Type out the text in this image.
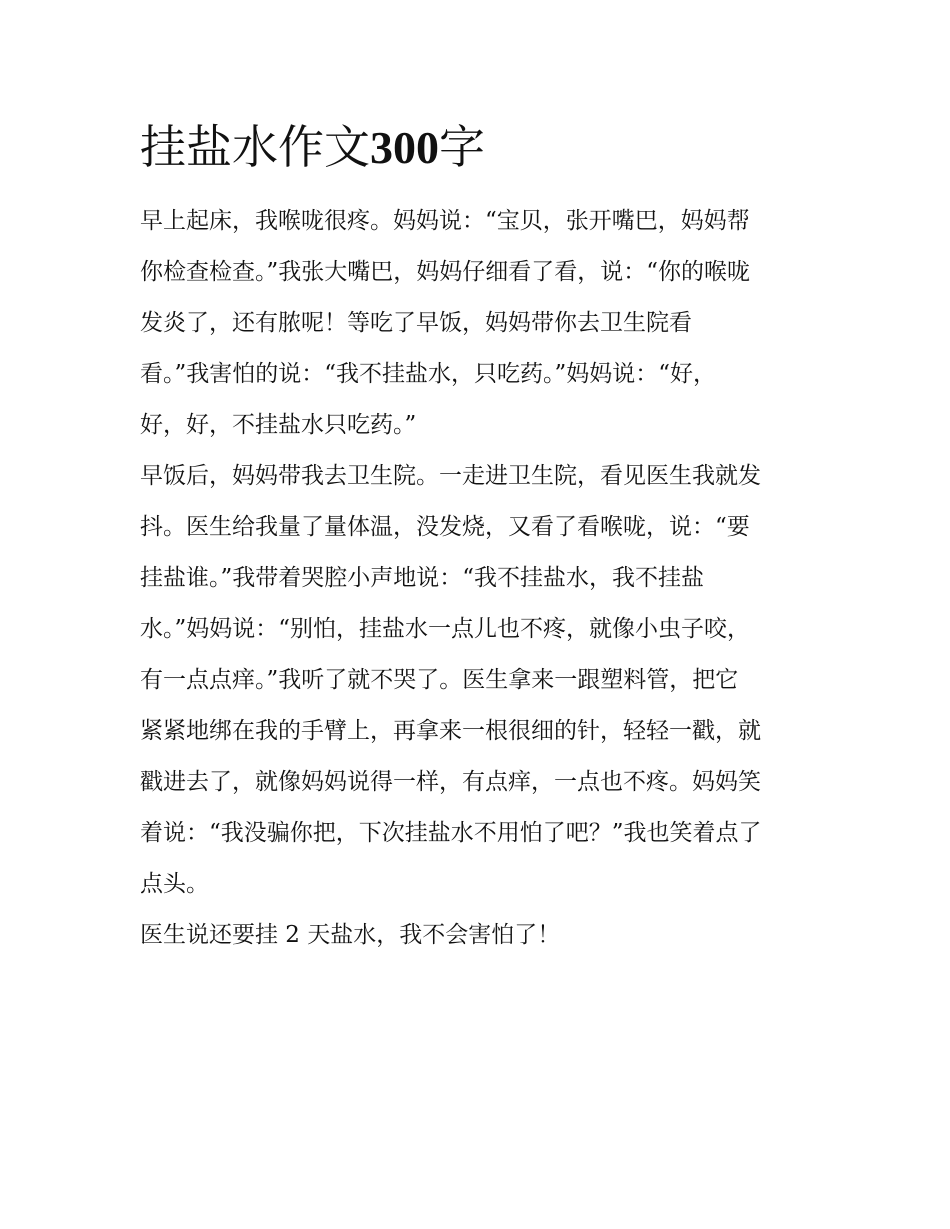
挂盐水作文300字
早上起床，我喉咙很疼。妈妈说：“宝贝，张开嘴巴，妈妈帮
你检查检查。”我张大嘴巴，妈妈仔细看了看，说：“你的喉咙
发炎了，还有脓呢！等吃了早饭，妈妈带你去卫生院看
看。”我害怕的说：“我不挂盐水，只吃药。”妈妈说：“好，
好，好，不挂盐水只吃药。”
早饭后，妈妈带我去卫生院。一走进卫生院，看见医生我就发
抖。医生给我量了量体温，没发烧，又看了看喉咙，说：“要
挂盐谁。”我带着哭腔小声地说：“我不挂盐水，我不挂盐
水。”妈妈说：“别怕，挂盐水一点儿也不疼，就像小虫子咬，
有一点点痒。”我听了就不哭了。医生拿来一跟塑料管，把它
紧紧地绑在我的手臂上，再拿来一根很细的针，轻轻一戳，就
戳进去了，就像妈妈说得一样，有点痒，一点也不疼。妈妈笑
着说：“我没骗你把，下次挂盐水不用怕了吧？”我也笑着点了
点头。
医生说还要挂 2 天盐水，我不会害怕了！
